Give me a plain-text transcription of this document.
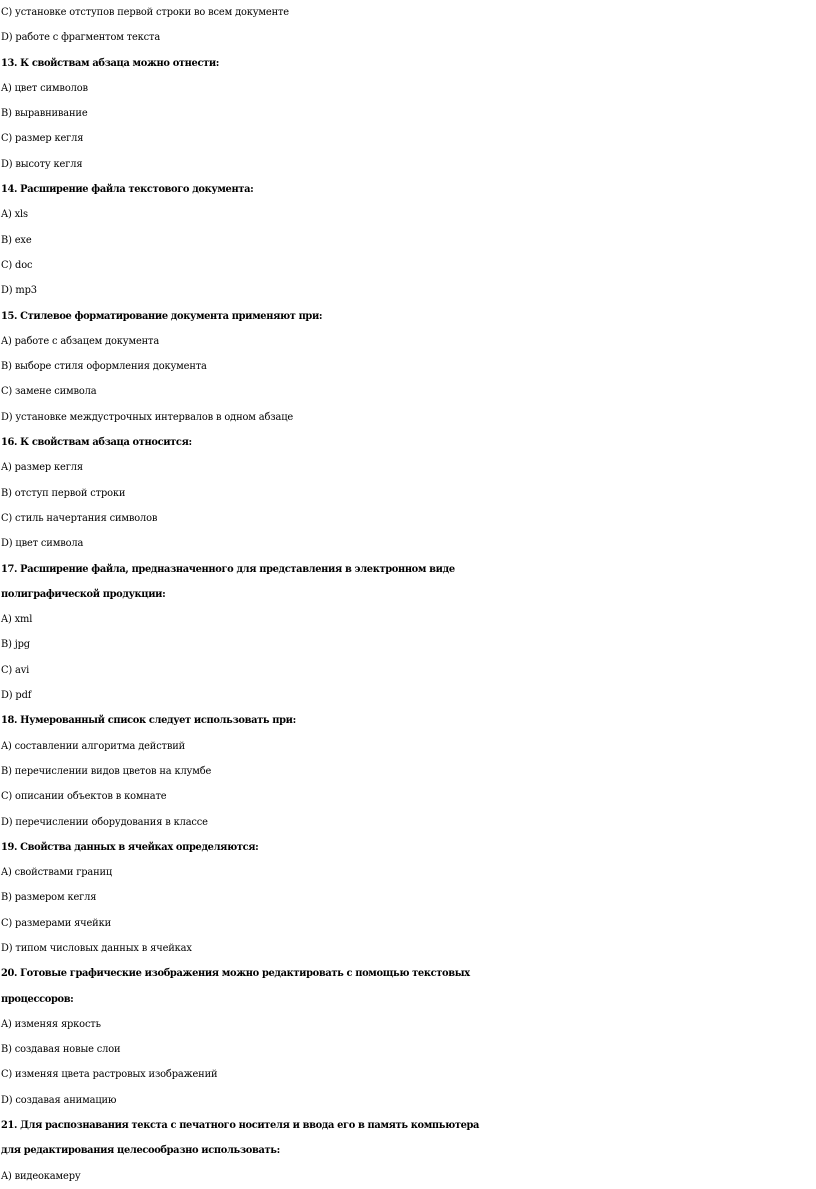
C) установке отступов первой строки во всем документе
D) работе с фрагментом текста
13. К свойствам абзаца можно отнести:
A) цвет символов
B) выравнивание
C) размер кегля
D) высоту кегля
14. Расширение файла текстового документа:
A) xls
B) exe
C) doc
D) mp3
15. Стилевое форматирование документа применяют при:
A) работе с абзацем документа
B) выборе стиля оформления документа
C) замене символа
D) установке междустрочных интервалов в одном абзаце
16. К свойствам абзаца относится:
A) размер кегля
B) отступ первой строки
C) стиль начертания символов
D) цвет символа
17. Расширение файла, предназначенного для представления в электронном виде
полиграфической продукции:
A) xml
B) jpg
C) avi
D) pdf
18. Нумерованный список следует использовать при:
A) составлении алгоритма действий
B) перечислении видов цветов на клумбе
C) описании объектов в комнате
D) перечислении оборудования в классе
19. Свойства данных в ячейках определяются:
A) свойствами границ
B) размером кегля
C) размерами ячейки
D) типом числовых данных в ячейках
20. Готовые графические изображения можно редактировать с помощью текстовых
процессоров:
A) изменяя яркость
B) создавая новые слои
C) изменяя цвета растровых изображений
D) создавая анимацию
21. Для распознавания текста с печатного носителя и ввода его в память компьютера
для редактирования целесообразно использовать:
A) видеокамеру
